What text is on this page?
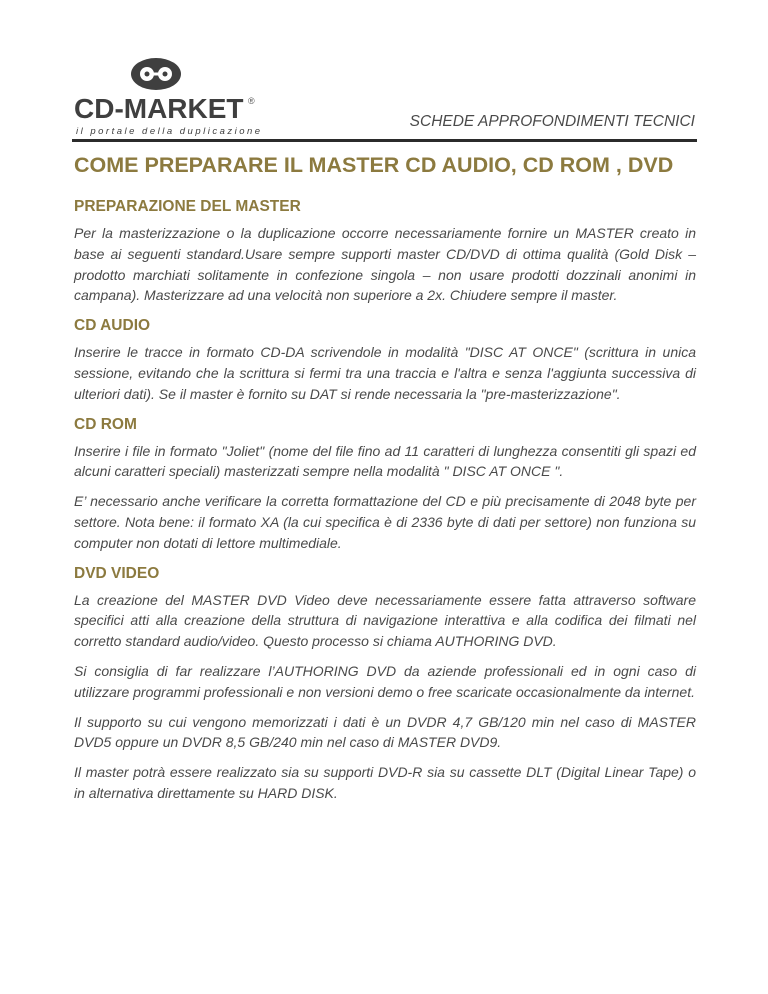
CD-MARKET ®
il portale della duplicazione
SCHEDE APPROFONDIMENTI TECNICI
COME PREPARARE IL MASTER CD AUDIO, CD ROM , DVD
PREPARAZIONE DEL MASTER

Per la masterizzazione o la duplicazione occorre necessariamente fornire un MASTER creato in base ai seguenti standard.Usare sempre supporti master CD/DVD di ottima qualità (Gold Disk – prodotto marchiati solitamente in confezione singola – non usare prodotti dozzinali anonimi in campana). Masterizzare ad una velocità non superiore a 2x. Chiudere sempre il master.

CD AUDIO

Inserire le tracce in formato CD-DA scrivendole in modalità "DISC AT ONCE" (scrittura in unica sessione, evitando che la scrittura si fermi tra una traccia e l'altra e senza l'aggiunta successiva di ulteriori dati). Se il master è fornito su DAT si rende necessaria la "pre-masterizzazione".

CD ROM

Inserire i file in formato "Joliet" (nome del file fino ad 11 caratteri di lunghezza consentiti gli spazi ed alcuni caratteri speciali) masterizzati sempre nella modalità " DISC AT ONCE ".

E’ necessario anche verificare la corretta formattazione del CD e più precisamente di 2048 byte per settore. Nota bene: il formato XA (la cui specifica è di 2336 byte di dati per settore) non funziona su computer non dotati di lettore multimediale.

DVD VIDEO

La creazione del MASTER DVD Video deve necessariamente essere fatta attraverso software specifici atti alla creazione della struttura di navigazione interattiva e alla codifica dei filmati nel corretto standard audio/video. Questo processo si chiama AUTHORING DVD.

Si consiglia di far realizzare l’AUTHORING DVD da aziende professionali ed in ogni caso di utilizzare programmi professionali e non versioni demo o free scaricate occasionalmente da internet.

Il supporto su cui vengono memorizzati i dati è un DVDR 4,7 GB/120 min nel caso di MASTER DVD5 oppure un DVDR 8,5 GB/240 min nel caso di MASTER DVD9.

Il master potrà essere realizzato sia su supporti DVD-R sia su cassette DLT (Digital Linear Tape) o in alternativa direttamente su HARD DISK.
